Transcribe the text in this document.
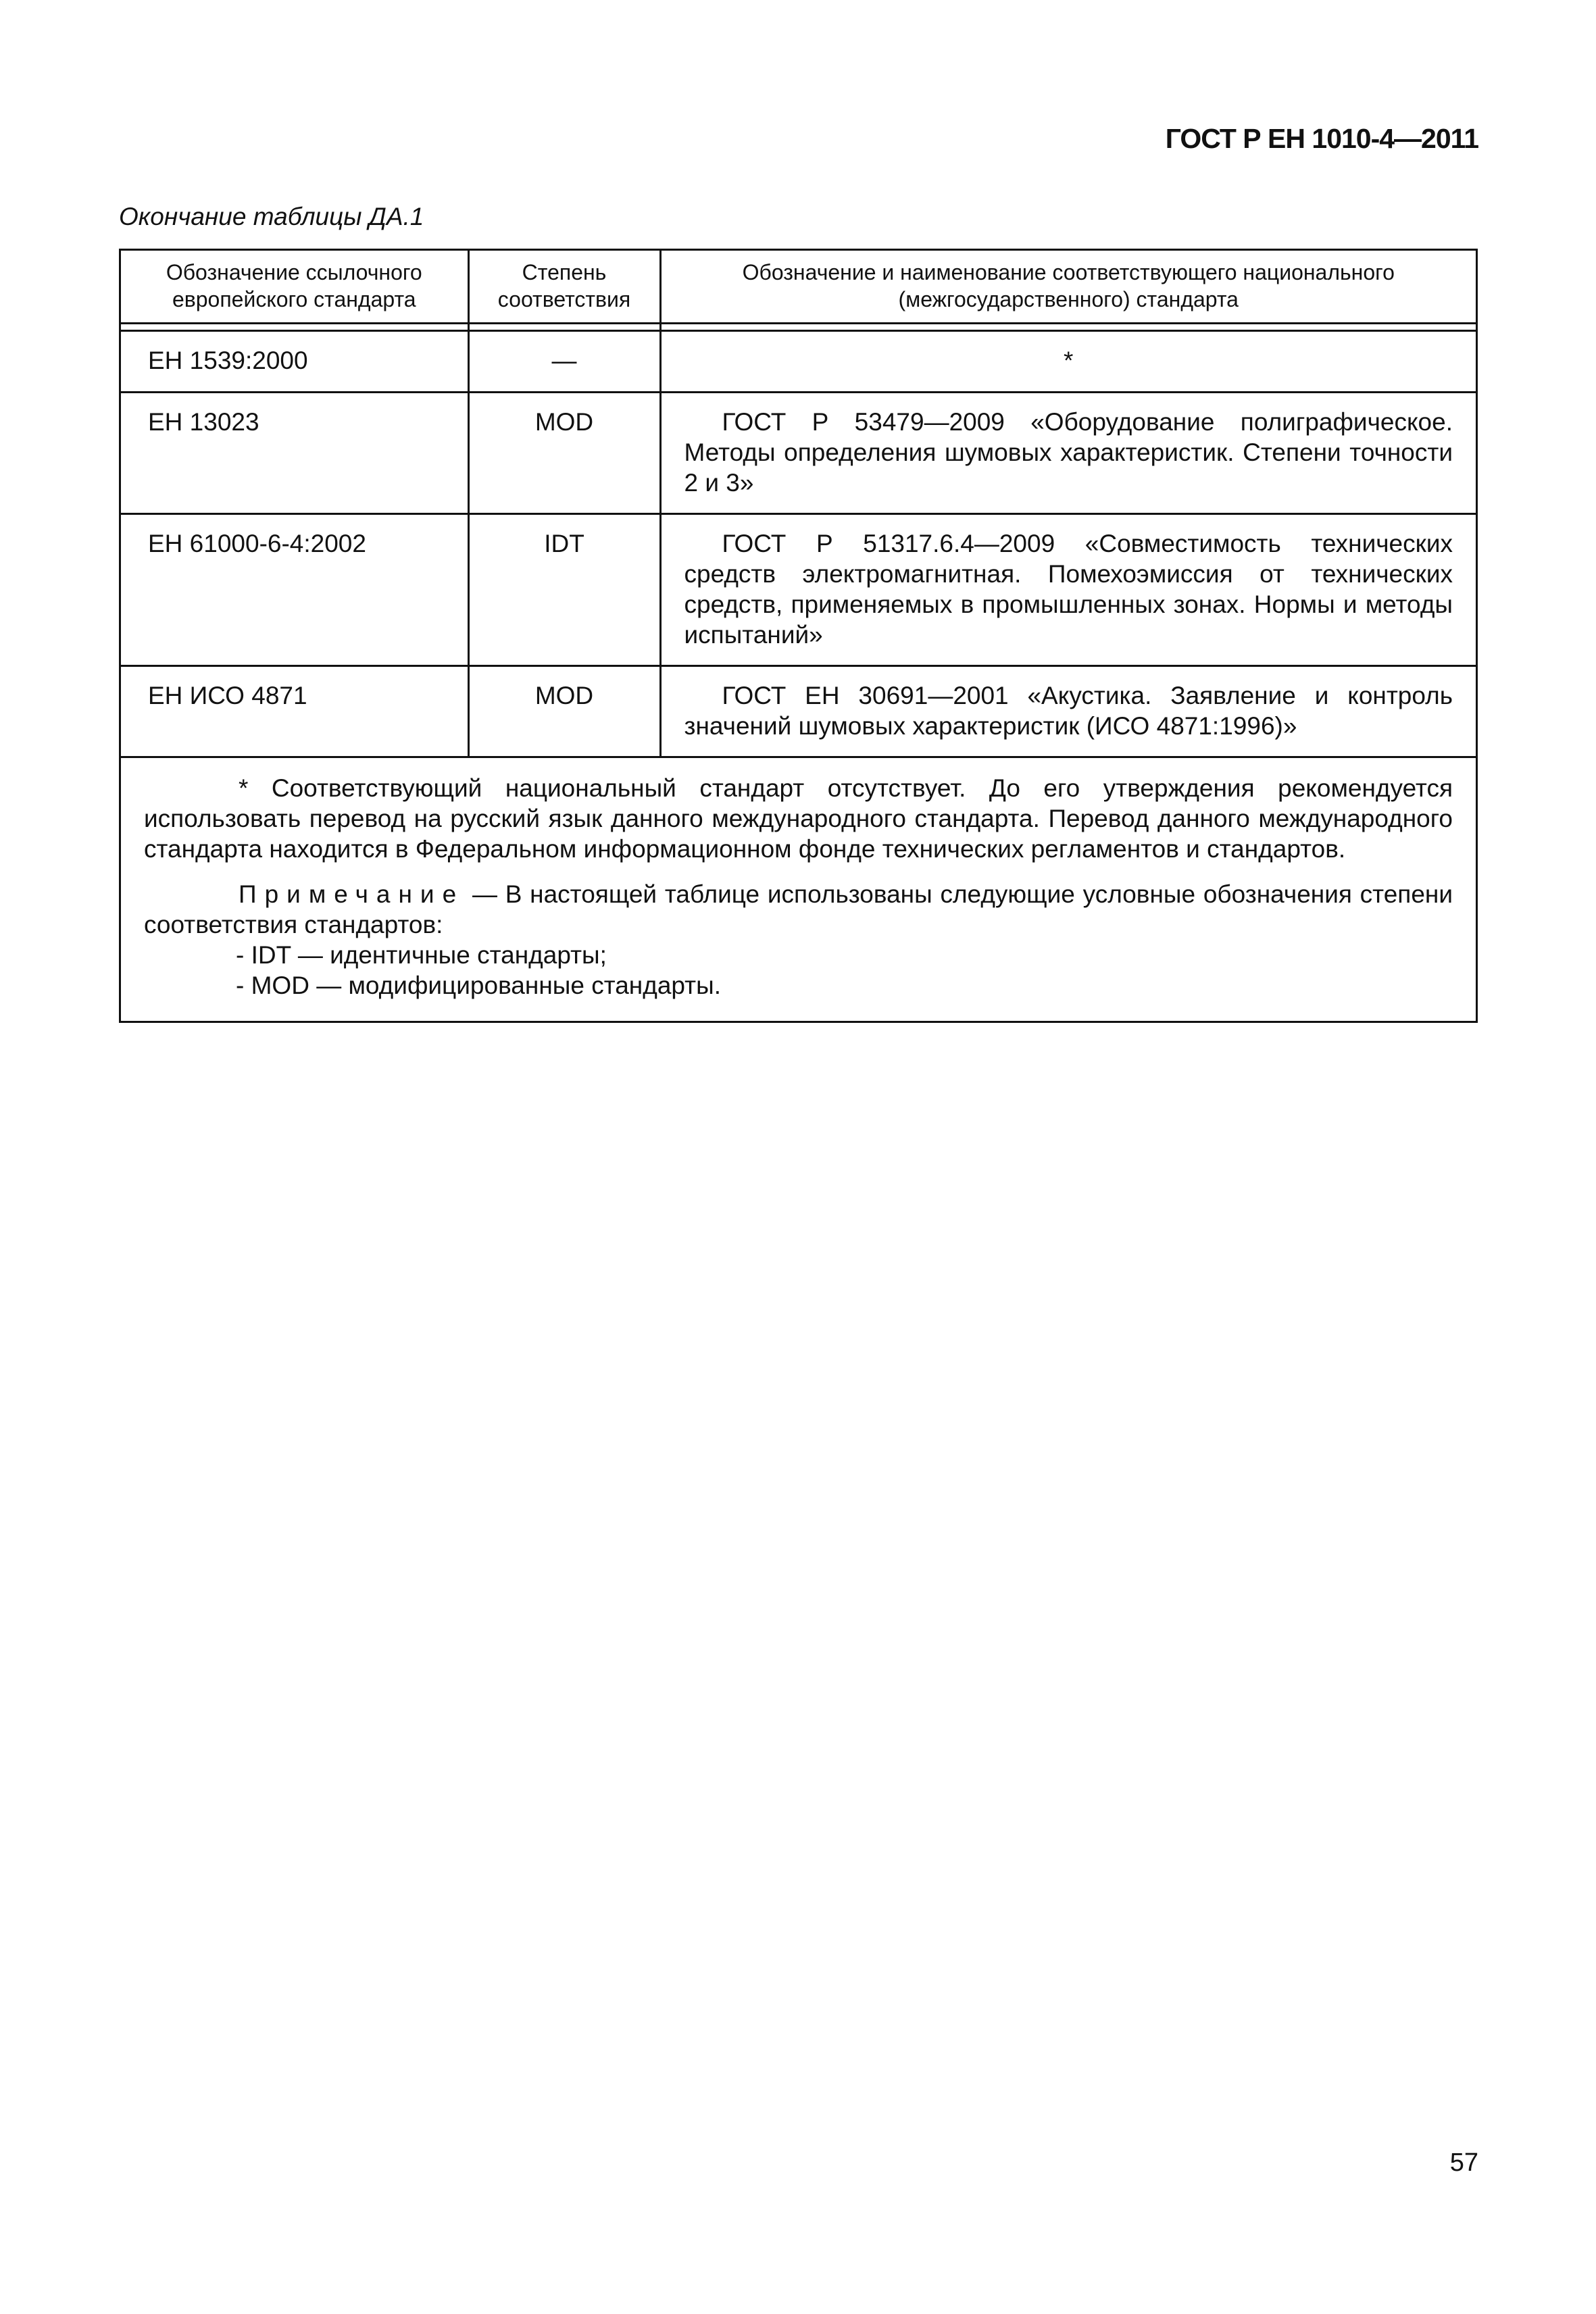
ГОСТ Р ЕН 1010-4—2011
Окончание таблицы ДА.1
Обозначение ссылочного европейского стандарта	Степень соответствия	Обозначение и наименование соответствующего национального (межгосударственного) стандарта

ЕН 1539:2000	—	*
ЕН 13023	MOD	ГОСТ Р 53479—2009 «Оборудование полиграфическое. Методы определения шумовых характеристик. Степени точности 2 и 3»
ЕН 61000-6-4:2002	IDT	ГОСТ Р 51317.6.4—2009 «Совместимость технических средств электромагнитная. Помехоэмиссия от технических средств, применяемых в промышленных зонах. Нормы и методы испытаний»
ЕН ИСО 4871	MOD	ГОСТ ЕН 30691—2001 «Акустика. Заявление и контроль значений шумовых характеристик (ИСО 4871:1996)»

* Соответствующий национальный стандарт отсутствует. До его утверждения рекомендуется использовать перевод на русский язык данного международного стандарта. Перевод данного международного стандарта находится в Федеральном информационном фонде технических регламентов и стандартов.

Примечание — В настоящей таблице использованы следующие условные обозначения степени соответствия стандартов:

- IDT — идентичные стандарты;

- MOD — модифицированные стандарты.		

57
